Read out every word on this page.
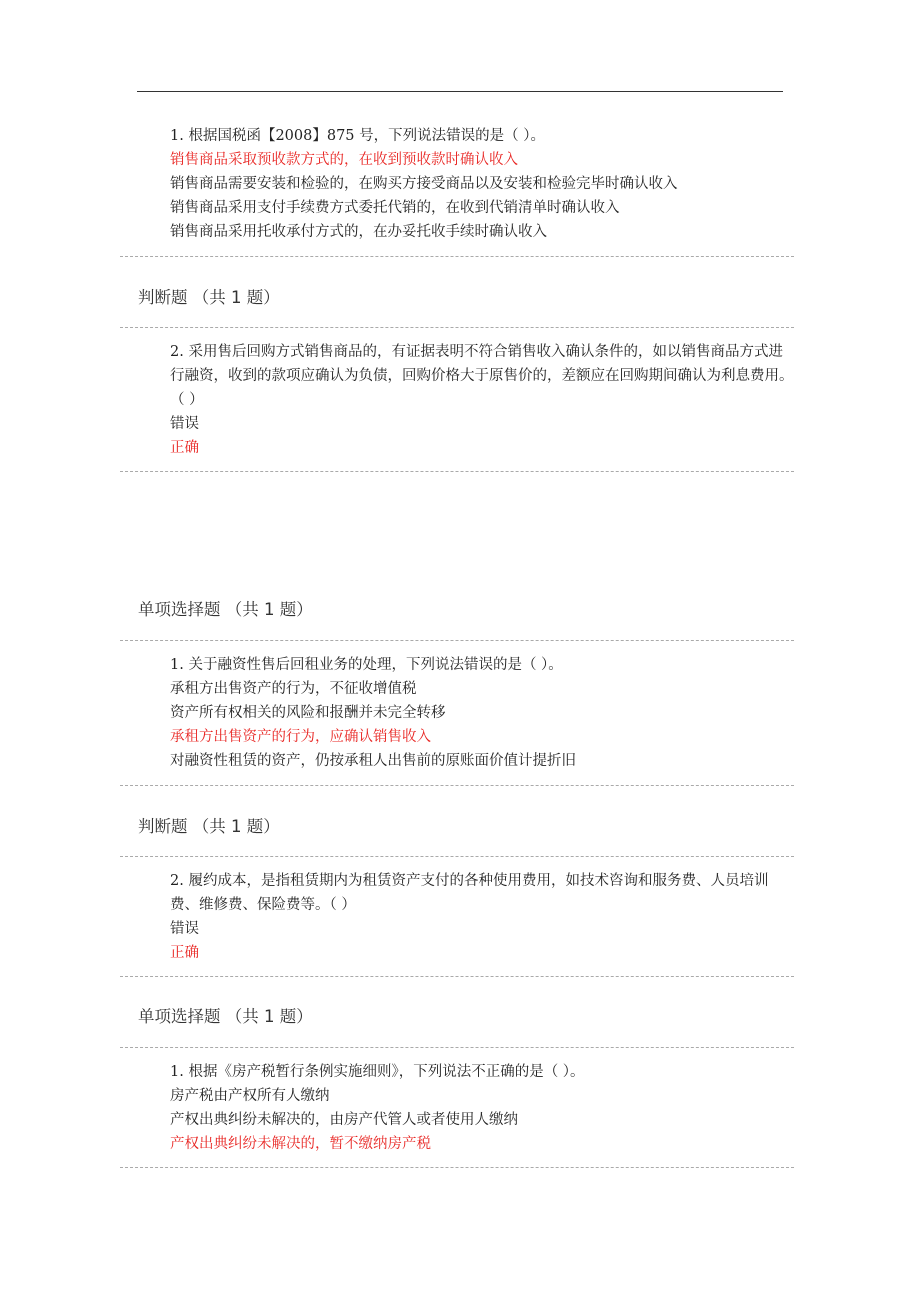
1. 根据国税函【2008】875 号，下列说法错误的是（ ）。
销售商品采取预收款方式的，在收到预收款时确认收入
销售商品需要安装和检验的，在购买方接受商品以及安装和检验完毕时确认收入
销售商品采用支付手续费方式委托代销的，在收到代销清单时确认收入
销售商品采用托收承付方式的，在办妥托收手续时确认收入
判断题 （共 1 题）
2. 采用售后回购方式销售商品的，有证据表明不符合销售收入确认条件的，如以销售商品方式进行融资，收到的款项应确认为负债，回购价格大于原售价的，差额应在回购期间确认为利息费用。（ ）
错误
正确
单项选择题 （共 1 题）
1. 关于融资性售后回租业务的处理，下列说法错误的是（ ）。
承租方出售资产的行为，不征收增值税
资产所有权相关的风险和报酬并未完全转移
承租方出售资产的行为，应确认销售收入
对融资性租赁的资产，仍按承租人出售前的原账面价值计提折旧
判断题 （共 1 题）
2. 履约成本，是指租赁期内为租赁资产支付的各种使用费用，如技术咨询和服务费、人员培训费、维修费、保险费等。（ ）
错误
正确
单项选择题 （共 1 题）
1. 根据《房产税暂行条例实施细则》，下列说法不正确的是（ ）。
房产税由产权所有人缴纳
产权出典纠纷未解决的，由房产代管人或者使用人缴纳
产权出典纠纷未解决的，暂不缴纳房产税
